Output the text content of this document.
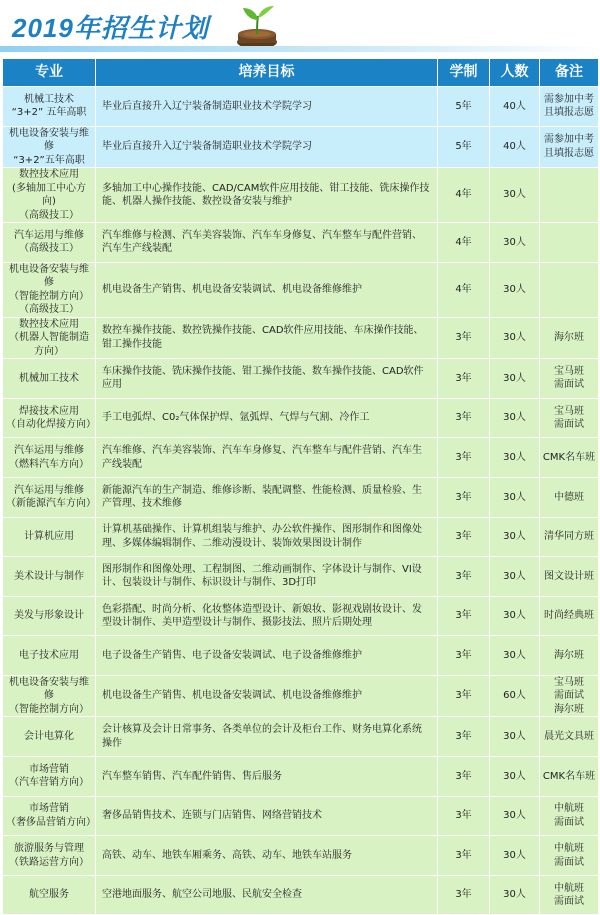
2019年招生计划
专业	培养目标	学制	人数	备注

机械工技术
“3+2” 五年高职	毕业后直接升入辽宁装备制造职业技术学院学习	5年	40人	需参加中考
且填报志愿

机电设备安装与维修
“3+2”五年高职	毕业后直接升入辽宁装备制造职业技术学院学习	5年	40人	需参加中考
且填报志愿

数控技术应用
(多轴加工中心方向)
（高级技工）	多轴加工中心操作技能、CAD/CAM软件应用技能、钳工技能、铣床操作技能、机器人操作技能、数控设备安装与维护	4年	30人	

汽车运用与维修
（高级技工）	汽车维修与检测、汽车美容装饰、汽车车身修复、汽车整车与配件营销、汽车生产线装配	4年	30人	

机电设备安装与维修
（智能控制方向）
（高级技工）	机电设备生产销售、机电设备安装调试、机电设备维修维护	4年	30人	

数控技术应用
（机器人智能制造方向）	数控车操作技能、数控铣操作技能、CAD软件应用技能、车床操作技能、钳工操作技能	3年	30人	海尔班

机械加工技术	车床操作技能、铣床操作技能、钳工操作技能、数车操作技能、CAD软件应用	3年	30人	宝马班
需面试

焊接技术应用
（自动化焊接方向）	手工电弧焊、C0₂气体保护焊、氩弧焊、气焊与气割、冷作工	3年	30人	宝马班
需面试

汽车运用与维修
（燃料汽车方向）	汽车维修、汽车美容装饰、汽车车身修复、汽车整车与配件营销、汽车生产线装配	3年	30人	CMK名车班

汽车运用与维修
（新能源汽车方向）	新能源汽车的生产制造、维修诊断、装配调整、性能检测、质量检验、生产管理、技术维修	3年	30人	中德班

计算机应用	计算机基础操作、计算机组装与维护、办公软件操作、图形制作和图像处理、多媒体编辑制作、二维动漫设计、装饰效果图设计制作	3年	30人	清华同方班

美术设计与制作	图形制作和图像处理、工程制图、二维动画制作、字体设计与制作、VI设计、包装设计与制作、标识设计与制作、3D打印	3年	30人	图文设计班

美发与形象设计	色彩搭配、时尚分析、化妆整体造型设计、新娘妆、影视戏剧妆设计、发型设计制作、美甲造型设计与制作、摄影技法、照片后期处理	3年	30人	时尚经典班

电子技术应用	电子设备生产销售、电子设备安装调试、电子设备维修维护	3年	30人	海尔班

机电设备安装与维修
（智能控制方向）	机电设备生产销售、机电设备安装调试、机电设备维修维护	3年	60人	宝马班
需面试
海尔班

会计电算化	会计核算及会计日常事务、各类单位的会计及柜台工作、财务电算化系统操作	3年	30人	晨光文具班

市场营销
（汽车营销方向）	汽车整车销售、汽车配件销售、售后服务	3年	30人	CMK名车班

市场营销
（奢侈品营销方向）	奢侈品销售技术、连锁与门店销售、网络营销技术	3年	30人	中航班
需面试

旅游服务与管理
（铁路运营方向）	高铁、动车、地铁车厢乘务、高铁、动车、地铁车站服务	3年	30人	中航班
需面试

航空服务	空港地面服务、航空公司地服、民航安全检查	3年	30人	中航班
需面试
